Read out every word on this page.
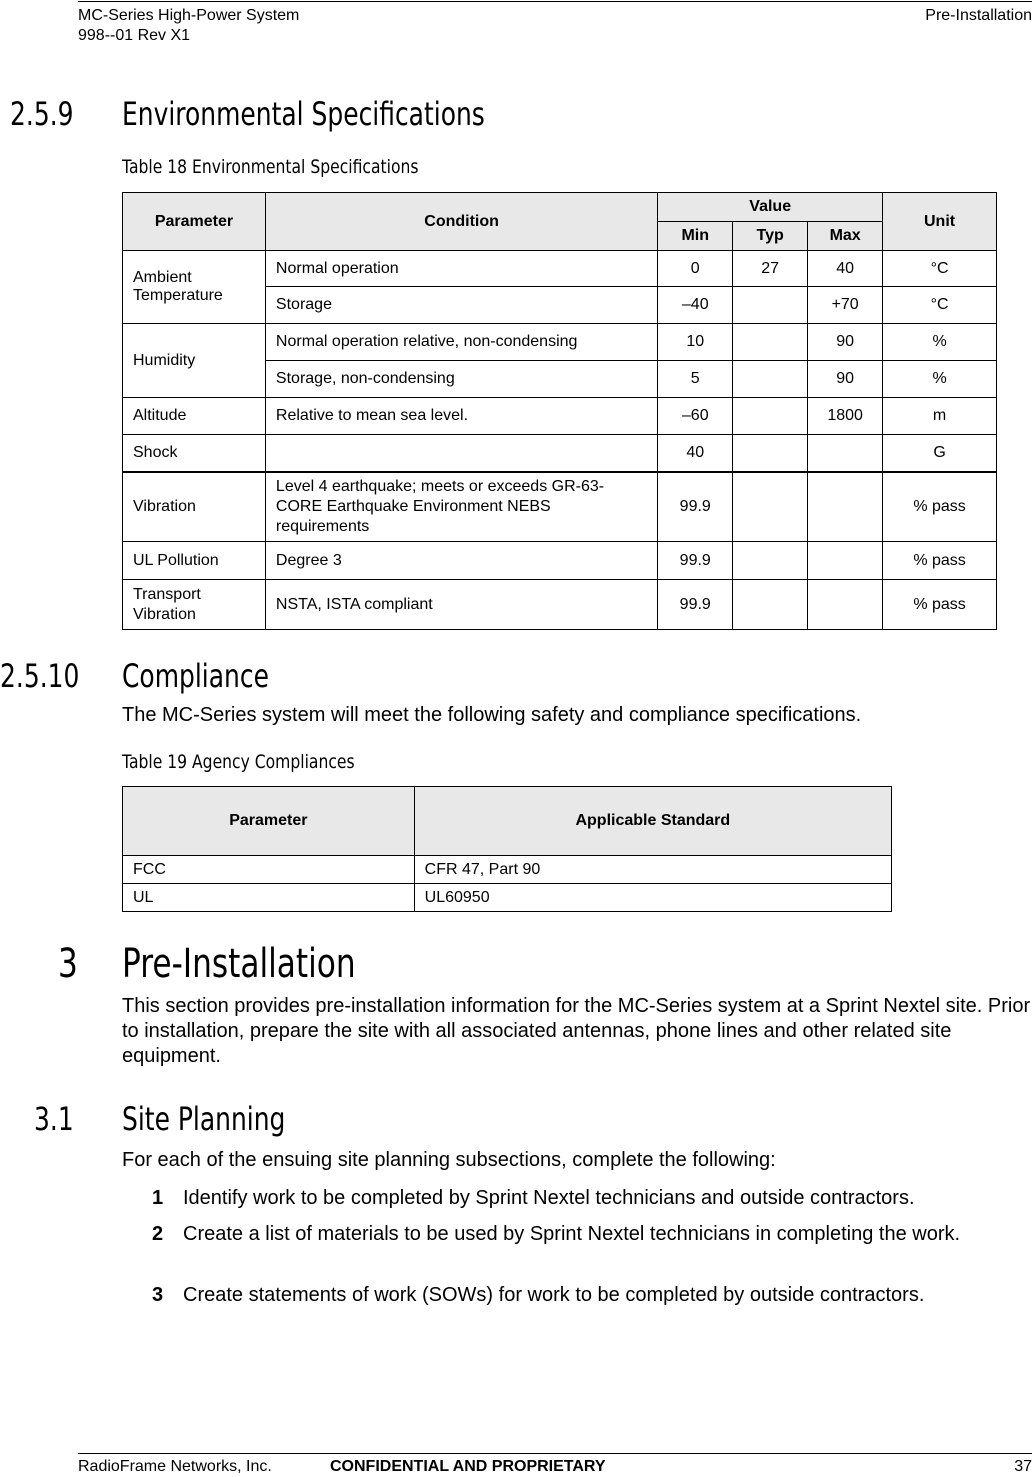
MC-Series High-Power System
998--01 Rev X1
Pre-Installation
2.5.9 Environmental Specifications
Table 18 Environmental Specifications
Parameter	Condition	Value			Unit
		Min	Typ	Max	
Ambient Temperature	Normal operation	0	27	40	°C
	Storage	–40		+70	°C
Humidity	Normal operation relative, non-condensing	10		90	%
	Storage, non-condensing	5		90	%
Altitude	Relative to mean sea level.	–60		1800	m
Shock		40			G
Vibration	Level 4 earthquake; meets or exceeds GR-63-CORE Earthquake Environment NEBS requirements	99.9			% pass
UL Pollution	Degree 3	99.9			% pass
Transport Vibration	NSTA, ISTA compliant	99.9			% pass
2.5.10 Compliance
The MC-Series system will meet the following safety and compliance specifications.
Table 19 Agency Compliances
Parameter	Applicable Standard
FCC	CFR 47, Part 90
UL	UL60950
3 Pre-Installation
This section provides pre-installation information for the MC-Series system at a Sprint Nextel site. Prior to installation, prepare the site with all associated antennas, phone lines and other related site equipment.
3.1 Site Planning
For each of the ensuing site planning subsections, complete the following:
1 Identify work to be completed by Sprint Nextel technicians and outside contractors.
2 Create a list of materials to be used by Sprint Nextel technicians in completing the work.
3 Create statements of work (SOWs) for work to be completed by outside contractors.
RadioFrame Networks, Inc.	CONFIDENTIAL AND PROPRIETARY	37
